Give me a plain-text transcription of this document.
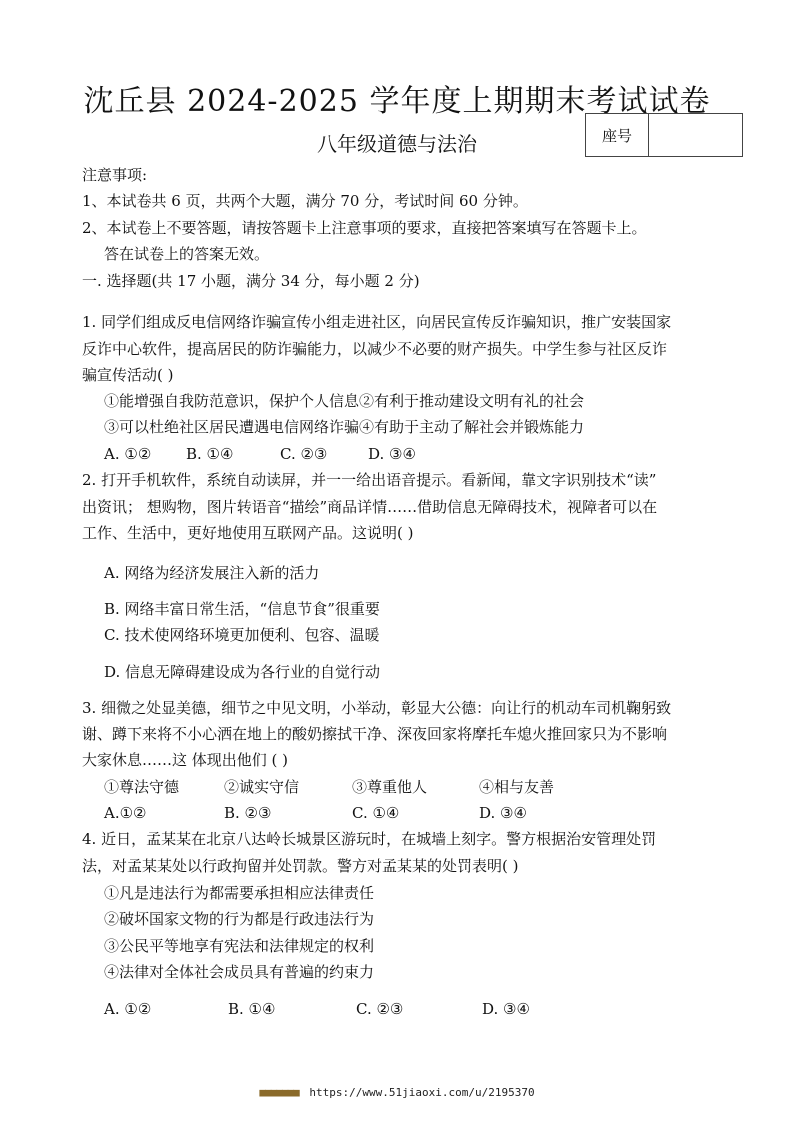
沈丘县 2024-2025 学年度上期期末考试试卷
八年级道德与法治	座号
注意事项:
1、本试卷共 6 页，共两个大题，满分 70 分，考试时间 60 分钟。
2、本试卷上不要答题，请按答题卡上注意事项的要求，直接把答案填写在答题卡上。
答在试卷上的答案无效。
一. 选择题(共 17 小题，满分 34 分，每小题 2 分)
1. 同学们组成反电信网络诈骗宣传小组走进社区，向居民宣传反诈骗知识，推广安装国家
反诈中心软件，提高居民的防诈骗能力，以减少不必要的财产损失。中学生参与社区反诈
骗宣传活动( )
①能增强自我防范意识，保护个人信息②有利于推动建设文明有礼的社会
③可以杜绝社区居民遭遇电信网络诈骗④有助于主动了解社会并锻炼能力
A. ①② B. ①④	C. ②③	D. ③④
2. 打开手机软件，系统自动读屏，并一一给出语音提示。看新闻，靠文字识别技术“读”
出资讯； 想购物，图片转语音“描绘”商品详情……借助信息无障碍技术，视障者可以在
工作、生活中，更好地使用互联网产品。这说明( )
A. 网络为经济发展注入新的活力
B. 网络丰富日常生活，“信息节食”很重要
C. 技术使网络环境更加便利、包容、温暖
D. 信息无障碍建设成为各行业的自觉行动
3. 细微之处显美德，细节之中见文明，小举动，彰显大公德：向让行的机动车司机鞠躬致
谢、蹲下来将不小心洒在地上的酸奶擦拭干净、深夜回家将摩托车熄火推回家只为不影响
大家休息……这 体现出他们 ( )
①尊法守德	②诚实守信	③尊重他人	④相与友善
A.①②	B. ②③	C. ①④	D. ③④
4. 近日，孟某某在北京八达岭长城景区游玩时，在城墙上刻字。警方根据治安管理处罚
法，对孟某某处以行政拘留并处罚款。警方对孟某某的处罚表明( )
①凡是违法行为都需要承担相应法律责任
②破坏国家文物的行为都是行政违法行为
③公民平等地享有宪法和法律规定的权利
④法律对全体社会成员具有普遍的约束力
A. ①②	B. ①④	C. ②③	D. ③④
■■■■■■■ https://www.51jiaoxi.com/u/2195370
